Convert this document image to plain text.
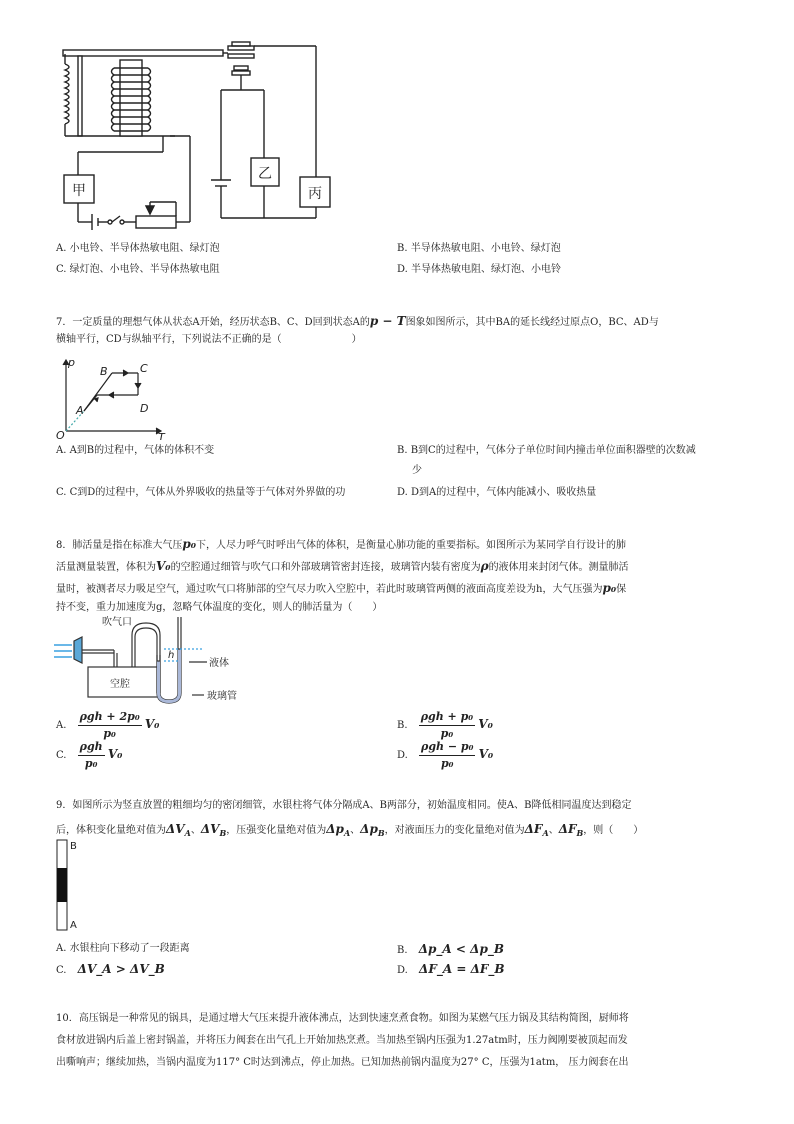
甲
乙
丙
A. 小电铃、半导体热敏电阻、绿灯泡	B. 半导体热敏电阻、小电铃、绿灯泡
C. 绿灯泡、小电铃、半导体热敏电阻	D. 半导体热敏电阻、绿灯泡、小电铃
7．一定质量的理想气体从状态A开始，经历状态B、C、D回到状态A的p − T图象如图所示，其中BA的延长线经过原点O，BC、AD与
横轴平行，CD与纵轴平行，下列说法不正确的是（　　　　　　　）
p
T
O
A
B	C
D
A. A到B的过程中，气体的体积不变	B. B到C的过程中，气体分子单位时间内撞击单位面积器壁的次数减
少
C. C到D的过程中，气体从外界吸收的热量等于气体对外界做的功	D. D到A的过程中，气体内能减小、吸收热量
8．肺活量是指在标准大气压p₀下，人尽力呼气时呼出气体的体积，是衡量心肺功能的重要指标。如图所示为某同学自行设计的肺
活量测量装置，体积为V₀的空腔通过细管与吹气口和外部玻璃管密封连接，玻璃管内装有密度为ρ的液体用来封闭气体。测量肺活
量时，被测者尽力吸足空气，通过吹气口将肺部的空气尽力吹入空腔中，若此时玻璃管两侧的液面高度差设为h，大气压强为p₀保
持不变，重力加速度为g，忽略气体温度的变化，则人的肺活量为（　　）
h
吹气口
空腔
液体
玻璃管
A. $\frac{\text{ρgh + 2p₀}}{\text{p₀}} V_0$	B. $\frac{\text{ρgh + p₀}}{\text{p₀}} V_0$
C. $\frac{\text{ρgh}}{\text{p₀}} V_0$	D. $\frac{\text{ρgh − p₀}}{\text{p₀}} V_0$
9．如图所示为竖直放置的粗细均匀的密闭细管，水银柱将气体分隔成A、B两部分，初始温度相同。使A、B降低相同温度达到稳定
后，体积变化量绝对值为$\Delta V_A$、$\Delta V_B$，压强变化量绝对值为$\Delta p_A$、$\Delta p_B$，对液面压力的变化量绝对值为$\Delta F_A$、$\Delta F_B$，则（　　）
B
A
A. 水银柱向下移动了一段距离	B. Δp_A < Δp_B
C. ΔV_A > ΔV_B	D. ΔF_A = ΔF_B
10．高压锅是一种常见的锅具，是通过增大气压来提升液体沸点，达到快速烹煮食物。如图为某燃气压力锅及其结构简图，厨师将
食材放进锅内后盖上密封锅盖，并将压力阀套在出气孔上开始加热烹煮。当加热至锅内压强为1.27atm时，压力阀刚要被顶起而发
出嘶响声；继续加热，当锅内温度为117° C时达到沸点，停止加热。已知加热前锅内温度为27° C，压强为1atm， 压力阀套在出
